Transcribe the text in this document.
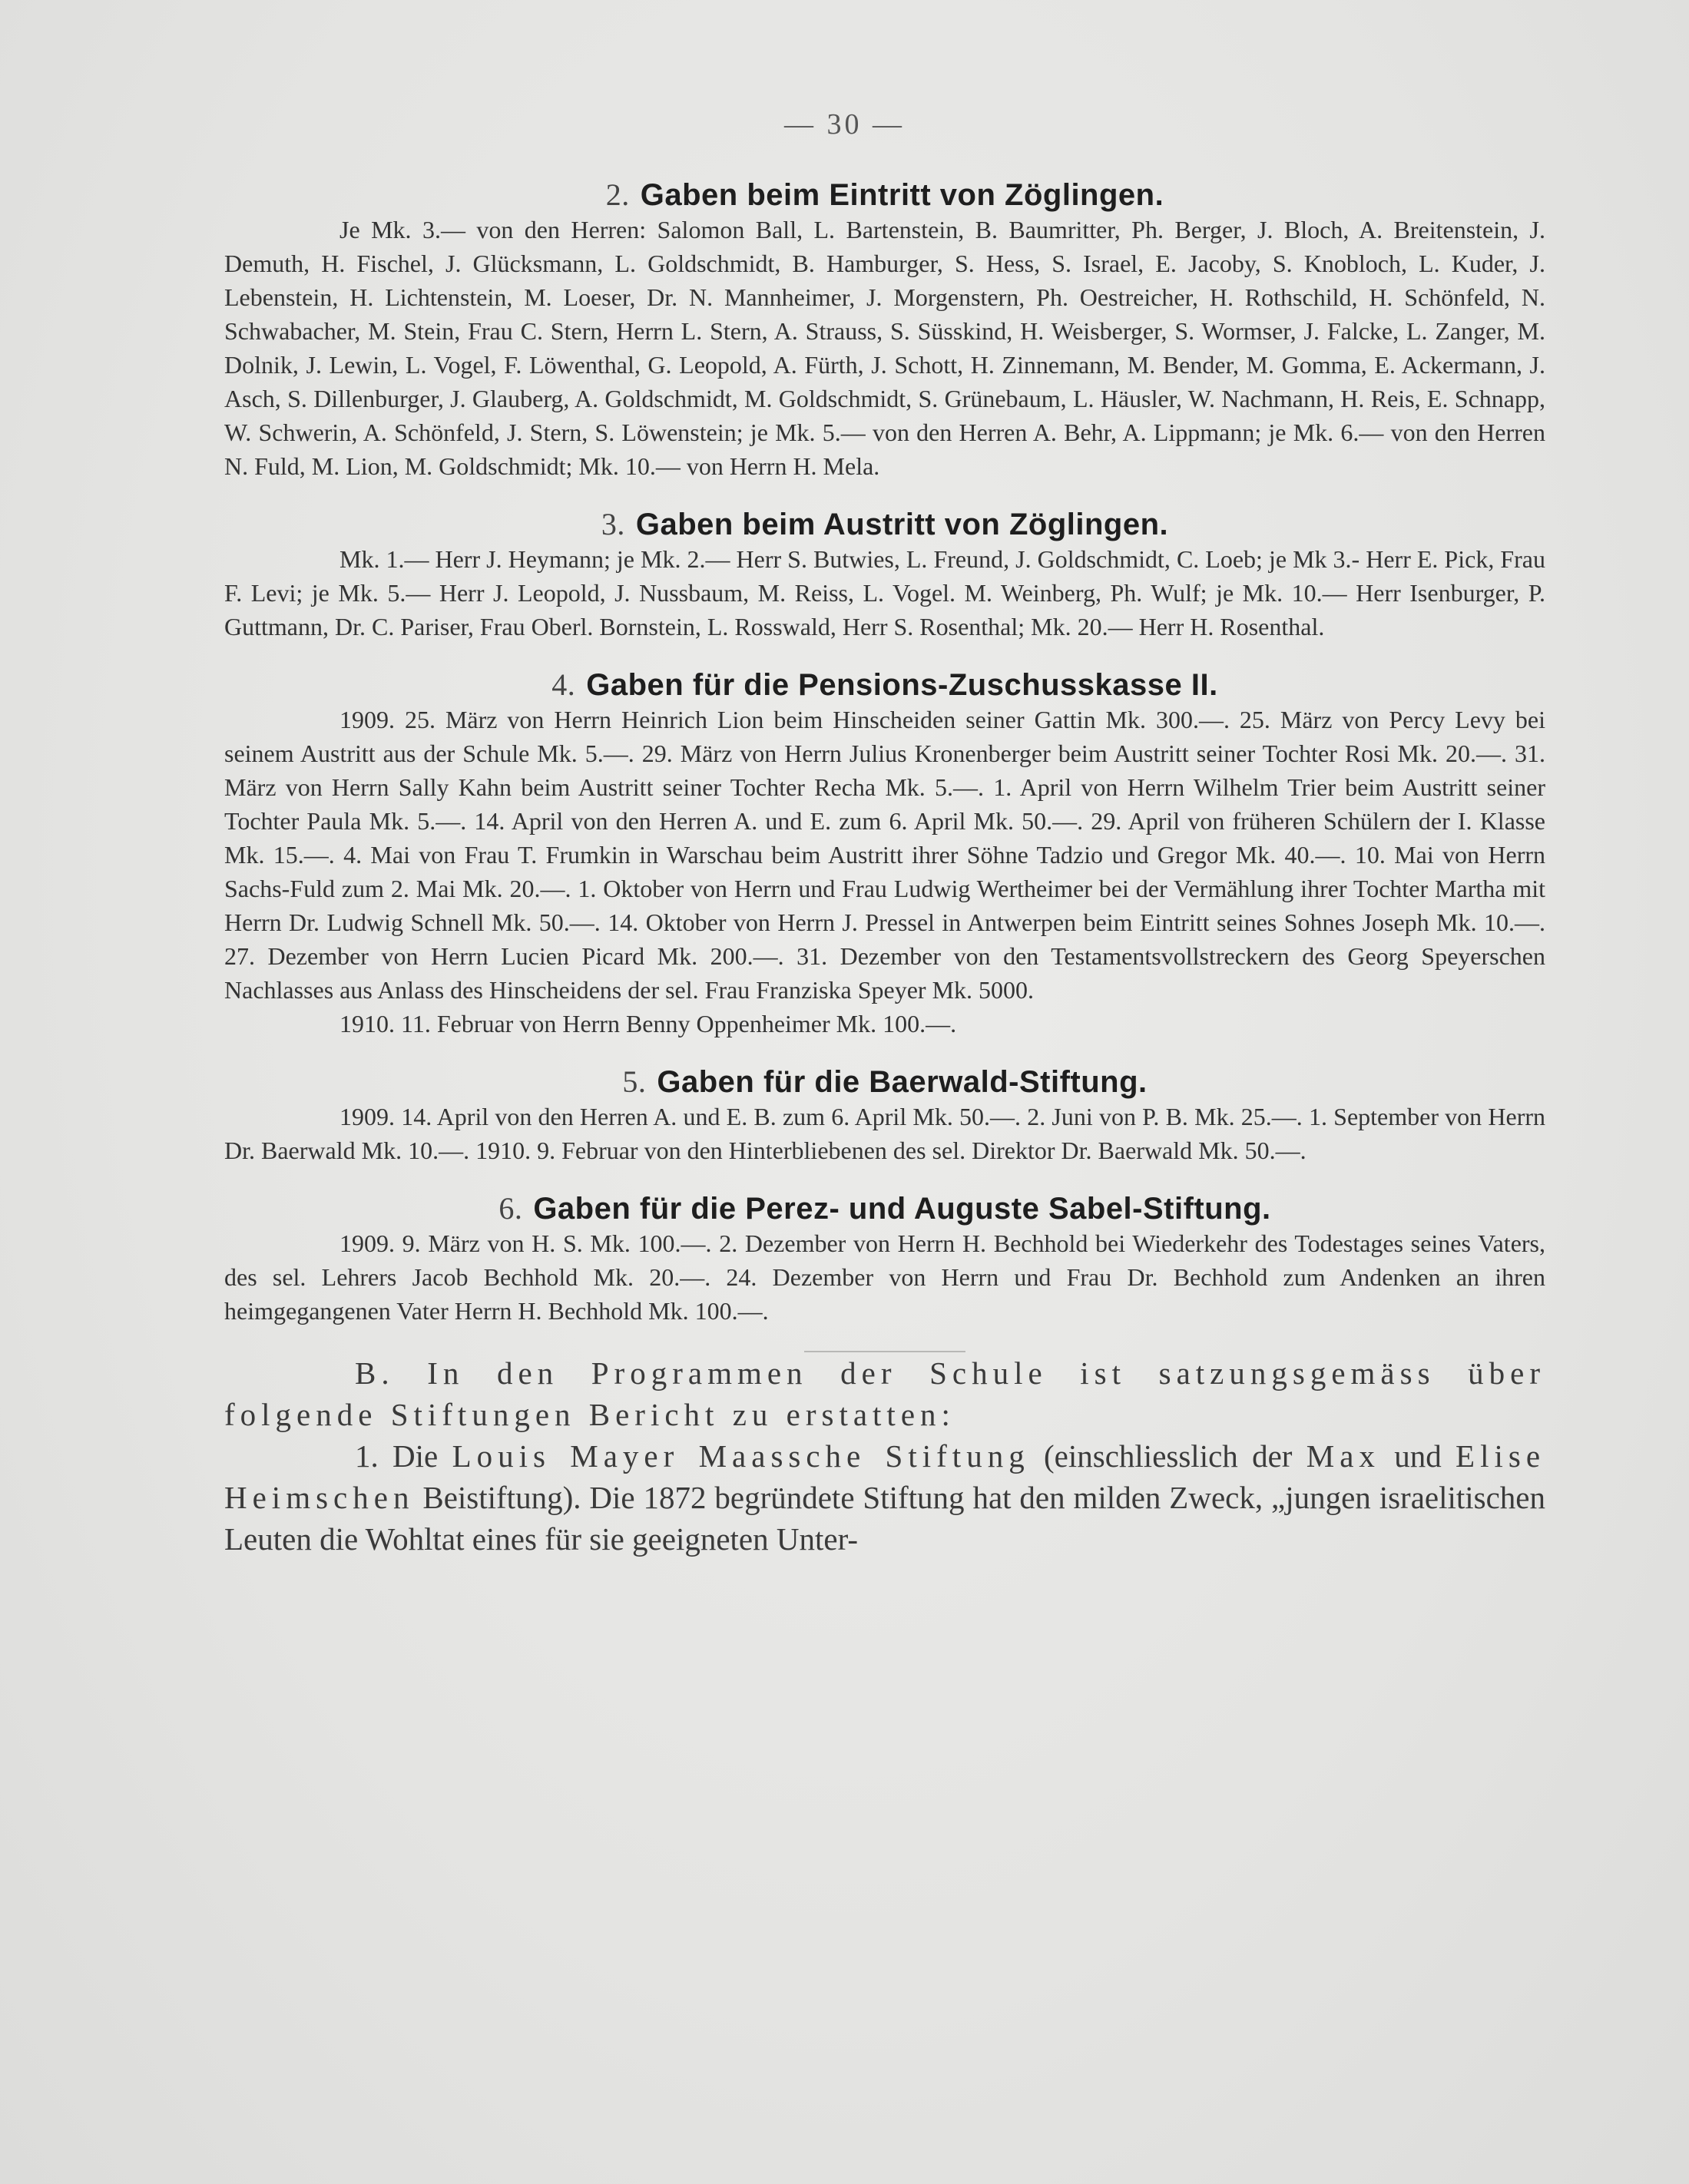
— 30 —
2. Gaben beim Eintritt von Zöglingen.

Je Mk. 3.— von den Herren: Salomon Ball, L. Bartenstein, B. Baumritter, Ph. Berger, J. Bloch, A. Breitenstein, J. Demuth, H. Fischel, J. Glücksmann, L. Goldschmidt, B. Hamburger, S. Hess, S. Israel, E. Jacoby, S. Knobloch, L. Kuder, J. Lebenstein, H. Lichtenstein, M. Loeser, Dr. N. Mannheimer, J. Morgenstern, Ph. Oestreicher, H. Rothschild, H. Schönfeld, N. Schwabacher, M. Stein, Frau C. Stern, Herrn L. Stern, A. Strauss, S. Süsskind, H. Weisberger, S. Wormser, J. Falcke, L. Zanger, M. Dolnik, J. Lewin, L. Vogel, F. Löwenthal, G. Leopold, A. Fürth, J. Schott, H. Zinnemann, M. Bender, M. Gomma, E. Ackermann, J. Asch, S. Dillenburger, J. Glauberg, A. Goldschmidt, M. Goldschmidt, S. Grünebaum, L. Häusler, W. Nachmann, H. Reis, E. Schnapp, W. Schwerin, A. Schönfeld, J. Stern, S. Löwenstein; je Mk. 5.— von den Herren A. Behr, A. Lippmann; je Mk. 6.— von den Herren N. Fuld, M. Lion, M. Goldschmidt; Mk. 10.— von Herrn H. Mela.

3. Gaben beim Austritt von Zöglingen.

Mk. 1.— Herr J. Heymann; je Mk. 2.— Herr S. Butwies, L. Freund, J. Goldschmidt, C. Loeb; je Mk 3.- Herr E. Pick, Frau F. Levi; je Mk. 5.— Herr J. Leopold, J. Nussbaum, M. Reiss, L. Vogel. M. Weinberg, Ph. Wulf; je Mk. 10.— Herr Isenburger, P. Guttmann, Dr. C. Pariser, Frau Oberl. Bornstein, L. Rosswald, Herr S. Rosenthal; Mk. 20.— Herr H. Rosenthal.

4. Gaben für die Pensions-Zuschusskasse II.

1909. 25. März von Herrn Heinrich Lion beim Hinscheiden seiner Gattin Mk. 300.—. 25. März von Percy Levy bei seinem Austritt aus der Schule Mk. 5.—. 29. März von Herrn Julius Kronenberger beim Austritt seiner Tochter Rosi Mk. 20.—. 31. März von Herrn Sally Kahn beim Austritt seiner Tochter Recha Mk. 5.—. 1. April von Herrn Wilhelm Trier beim Austritt seiner Tochter Paula Mk. 5.—. 14. April von den Herren A. und E. zum 6. April Mk. 50.—. 29. April von früheren Schülern der I. Klasse Mk. 15.—. 4. Mai von Frau T. Frumkin in Warschau beim Austritt ihrer Söhne Tadzio und Gregor Mk. 40.—. 10. Mai von Herrn Sachs-Fuld zum 2. Mai Mk. 20.—. 1. Oktober von Herrn und Frau Ludwig Wertheimer bei der Vermählung ihrer Tochter Martha mit Herrn Dr. Ludwig Schnell Mk. 50.—. 14. Oktober von Herrn J. Pressel in Antwerpen beim Eintritt seines Sohnes Joseph Mk. 10.—. 27. Dezember von Herrn Lucien Picard Mk. 200.—. 31. Dezember von den Testamentsvollstreckern des Georg Speyerschen Nachlasses aus Anlass des Hinscheidens der sel. Frau Franziska Speyer Mk. 5000.

1910. 11. Februar von Herrn Benny Oppenheimer Mk. 100.—.

5. Gaben für die Baerwald-Stiftung.

1909. 14. April von den Herren A. und E. B. zum 6. April Mk. 50.—. 2. Juni von P. B. Mk. 25.—. 1. September von Herrn Dr. Baerwald Mk. 10.—. 1910. 9. Februar von den Hinterbliebenen des sel. Direktor Dr. Baerwald Mk. 50.—.

6. Gaben für die Perez- und Auguste Sabel-Stiftung.

1909. 9. März von H. S. Mk. 100.—. 2. Dezember von Herrn H. Bechhold bei Wiederkehr des Todestages seines Vaters, des sel. Lehrers Jacob Bechhold Mk. 20.—. 24. Dezember von Herrn und Frau Dr. Bechhold zum Andenken an ihren heimgegangenen Vater Herrn H. Bechhold Mk. 100.—.

B. In den Programmen der Schule ist satzungsgemäss über folgende Stiftungen Bericht zu erstatten:

1. Die Louis Mayer Maassche Stiftung (einschliesslich der Max und Elise Heimschen Beistiftung). Die 1872 begründete Stiftung hat den milden Zweck, „jungen israelitischen Leuten die Wohltat eines für sie geeigneten Unter-
